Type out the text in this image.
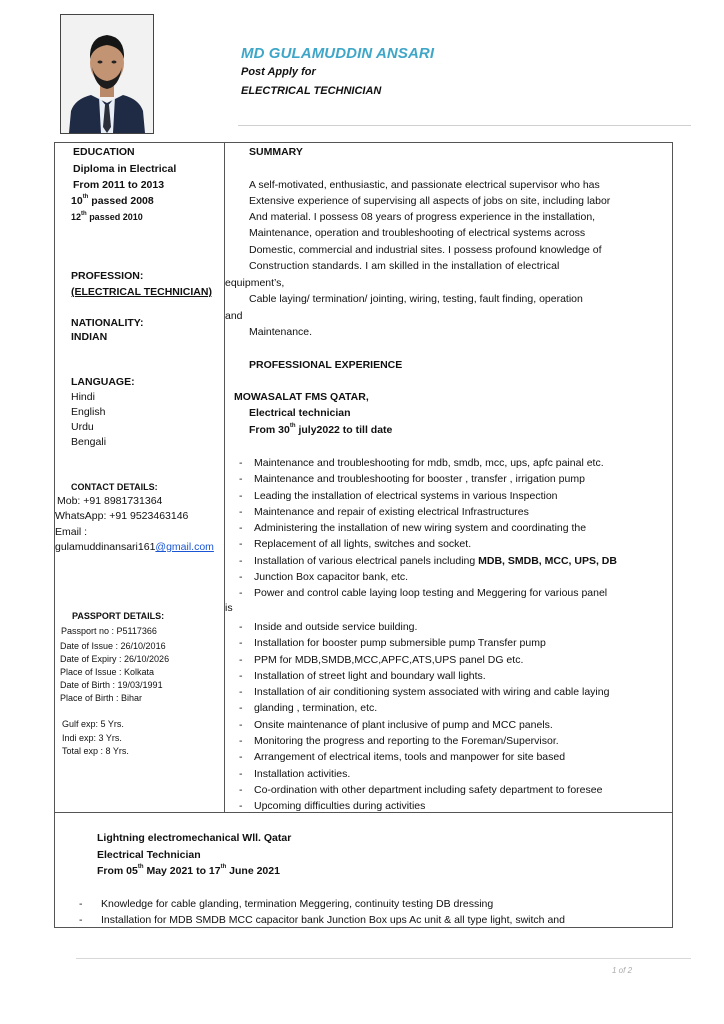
MD GULAMUDDIN ANSARI
Post Apply for
ELECTRICAL TECHNICIAN
EDUCATION
Diploma in Electrical
From 2011 to 2013
10th passed 2008
12th passed 2010
PROFESSION:
(ELECTRICAL TECHNICIAN)
NATIONALITY:
INDIAN
LANGUAGE:
Hindi
English
Urdu
Bengali
CONTACT DETAILS:
Mob: +91 8981731364
WhatsApp: +91 9523463146
Email :
gulamuddinansari161@gmail.com
PASSPORT DETAILS:
Passport no : P5117366
Date of Issue : 26/10/2016
Date of Expiry : 26/10/2026
Place of Issue : Kolkata
Date of Birth : 19/03/1991
Place of Birth : Bihar
Gulf exp: 5 Yrs.
Indi exp: 3 Yrs.
Total exp : 8 Yrs.
SUMMARY
A self-motivated, enthusiastic, and passionate electrical supervisor who has
Extensive experience of supervising all aspects of jobs on site, including labor
And material. I possess 08 years of progress experience in the installation,
Maintenance, operation and troubleshooting of electrical systems across
Domestic, commercial and industrial sites. I possess profound knowledge of
Construction standards. I am skilled in the installation of electrical
equipment’s,
Cable laying/ termination/ jointing, wiring, testing, fault finding, operation
and
Maintenance.
PROFESSIONAL EXPERIENCE
MOWASALAT FMS QATAR,
Electrical technician
From 30th july2022 to till date
- Maintenance and troubleshooting for mdb, smdb, mcc, ups, apfc painal etc.
- Maintenance and troubleshooting for booster , transfer , irrigation pump
- Leading the installation of electrical systems in various Inspection
- Maintenance and repair of existing electrical Infrastructures
- Administering the installation of new wiring system and coordinating the
- Replacement of all lights, switches and socket.
- Installation of various electrical panels including MDB, SMDB, MCC, UPS, DB
- Junction Box capacitor bank, etc.
- Power and control cable laying loop testing and Meggering for various panel
is
- Inside and outside service building.
- Installation for booster pump submersible pump Transfer pump
- PPM for MDB,SMDB,MCC,APFC,ATS,UPS panel DG etc.
- Installation of street light and boundary wall lights.
- Installation of air conditioning system associated with wiring and cable laying
- glanding , termination, etc.
- Onsite maintenance of plant inclusive of pump and MCC panels.
- Monitoring the progress and reporting to the Foreman/Supervisor.
- Arrangement of electrical items, tools and manpower for site based
- Installation activities.
- Co-ordination with other department including safety department to foresee
- Upcoming difficulties during activities
Lightning electromechanical Wll. Qatar
Electrical Technician
From 05th May 2021 to 17th June 2021
- Knowledge for cable glanding, termination Meggering, continuity testing DB dressing
- Installation for MDB SMDB MCC capacitor bank Junction Box ups Ac unit & all type light, switch and
1 of 2
